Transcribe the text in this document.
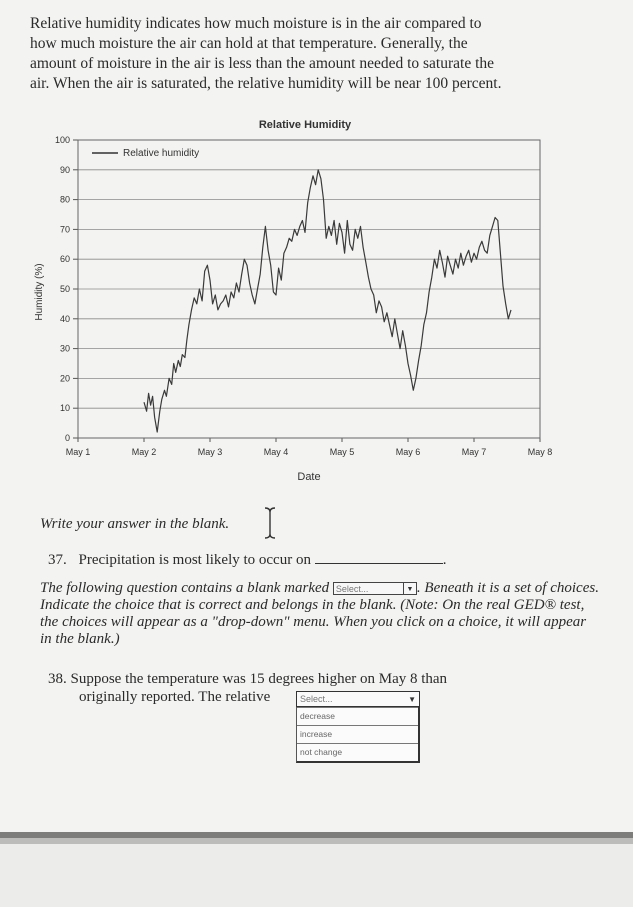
Relative humidity indicates how much moisture is in the air compared to
how much moisture the air can hold at that temperature. Generally, the
amount of moisture in the air is less than the amount needed to saturate the
air. When the air is saturated, the relative humidity will be near 100 percent.

Relative Humidity
Humidity (%)
Date
0
10
20
30
40
50
60
70
80
90
100
May 1	May 2	May 3	May 4	May 5	May 6	May 7	May 8
Relative humidity
Write your answer in the blank.
37. Precipitation is most likely to occur on	.

The following question contains a blank marked Select...	▼ . Beneath it is a set of choices. Indicate the choice that is correct and belongs in the blank. (Note: On the real GED® test, the choices will appear as a "drop-down" menu. When you click on a choice, it will appear in the blank.)

38. Suppose the temperature was 15 degrees higher on May 8 than
originally reported. The relative	Select...	▼
decrease
increase
not change
